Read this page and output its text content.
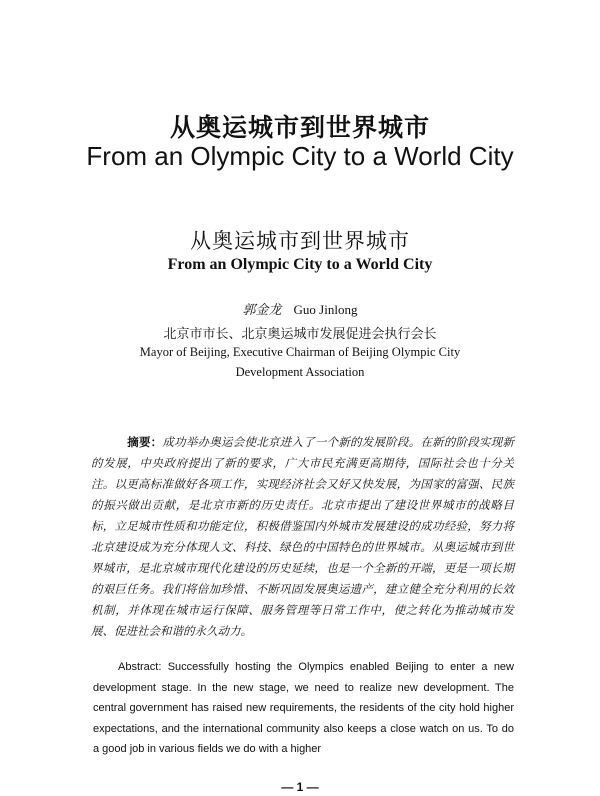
从奥运城市到世界城市
From an Olympic City to a World City
从奥运城市到世界城市
From an Olympic City to a World City
郭金龙 Guo Jinlong
北京市市长、北京奥运城市发展促进会执行会长
Mayor of Beijing, Executive Chairman of Beijing Olympic City
Development Association
摘要：成功举办奥运会使北京进入了一个新的发展阶段。在新的阶段实现新的发展，中央政府提出了新的要求，广大市民充满更高期待，国际社会也十分关注。以更高标准做好各项工作，实现经济社会又好又快发展，为国家的富强、民族的振兴做出贡献，是北京市新的历史责任。北京市提出了建设世界城市的战略目标，立足城市性质和功能定位，积极借鉴国内外城市发展建设的成功经验，努力将北京建设成为充分体现人文、科技、绿色的中国特色的世界城市。从奥运城市到世界城市，是北京城市现代化建设的历史延续，也是一个全新的开端，更是一项长期的艰巨任务。我们将倍加珍惜、不断巩固发展奥运遗产，建立健全充分利用的长效机制，并体现在城市运行保障、服务管理等日常工作中，使之转化为推动城市发展、促进社会和谐的永久动力。
Abstract: Successfully hosting the Olympics enabled Beijing to enter a new development stage. In the new stage, we need to realize new development. The central government has raised new requirements, the residents of the city hold higher expectations, and the international community also keeps a close watch on us. To do a good job in various fields we do with a higher
— 1 —
